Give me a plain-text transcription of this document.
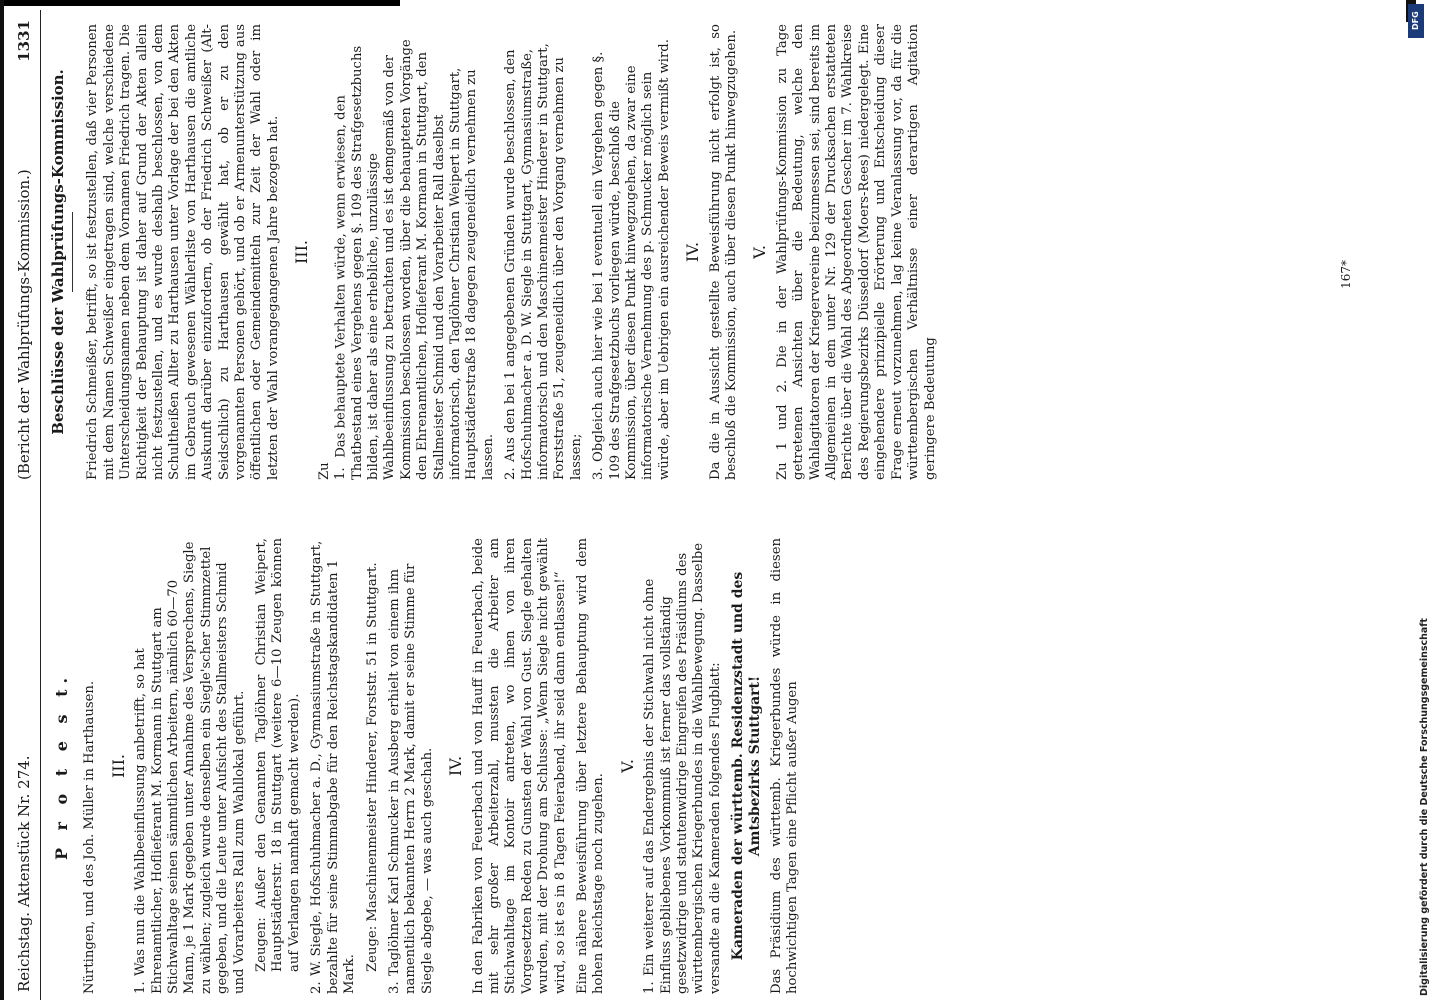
Reichstag. Aktenstück Nr. 274.
(Bericht der Wahlprüfungs-Kommission.)
1331
P r o t e s t. Nürtingen, und des Joh. Müller in Harthausen. III.
1.Was nun die Wahlbeeinflussung anbetrifft, so hat Ehrenamtlicher, Hoflieferant M. Kormann in Stuttgart am Stichwahltage seinen sämmtlichen Arbeitern, nämlich 60—70 Mann, je 1 Mark gegeben unter Annahme des Versprechens, Siegle zu wählen; zugleich wurde denselben ein Siegle'scher Stimmzettel gegeben, und die Leute unter Aufsicht des Stallmeisters Schmid und Vorarbeiters Rall zum Wahllokal geführt. Zeugen: Außer den Genannten Taglöhner Christian Weipert, Hauptstädterstr. 18 in Stuttgart (weitere 6—10 Zeugen können auf Verlangen namhaft gemacht werden).

2.W. Siegle, Hofschuhmacher a. D., Gymnasiumstraße in Stuttgart, bezahlte für seine Stimmabgabe für den Reichstagskandidaten 1 Mark.

Zeuge: Maschinenmeister Hinderer, Forststr. 51 in Stuttgart.

3.Taglöhner Karl Schmucker in Ausberg erhielt von einem ihm namentlich bekannten Herrn 2 Mark, damit er seine Stimme für Siegle abgebe, — was auch geschah. IV. In den Fabriken von Feuerbach und von Hauff in Feuerbach, beide mit sehr großer Arbeiterzahl, mussten die Arbeiter am Stichwahltage im Kontoir antreten, wo ihnen von ihren Vorgesetzten Reden zu Gunsten der Wahl von Gust. Siegle gehalten wurden, mit der Drohung am Schlusse: „Wenn Siegle nicht gewählt wird, so ist es in 8 Tagen Feierabend, ihr seid dann entlassen!“ Eine nähere Beweisführung über letztere Behauptung wird dem hohen Reichstage noch zugehen.

V.
1.Ein weiterer auf das Endergebnis der Stichwahl nicht ohne Einfluss gebliebenes Vorkommniß ist ferner das vollständig gesetzwidrige und statutenwidrige Eingreifen des Präsidiums des württembergischen Kriegerbundes in die Wahlbewegung. Dasselbe versandte an die Kameraden folgendes Flugblatt: Kameraden der württemb. Residenzstadt und des Amtsbezirks Stuttgart! Das Präsidium des württemb. Kriegerbundes würde in diesen hochwichtigen Tagen eine Pflicht außer Augen

Beschlüsse der Wahlprüfungs-Kommission. Friedrich Schmeißer, betrifft, so ist festzustellen, daß vier Personen mit dem Namen Schweißer eingetragen sind, welche verschiedene Unterscheidungsnamen neben dem Vornamen Friedrich tragen. Die Richtigkeit der Behauptung ist daher auf Grund der Akten allein nicht festzustellen, und es wurde deshalb beschlossen, von dem Schultheißen Allter zu Harthausen unter Vorlage der bei den Akten im Gebrauch gewesenen Wählerliste von Harthausen die amtliche Auskunft darüber einzufordern, ob der Friedrich Schweißer (Alt-Seidschlich) zu Harthausen gewählt hat, ob er zu den vorgenannten Personen gehört, und ob er Armenunterstützung aus öffentlichen oder Gemeindemitteln zur Zeit der Wahl oder im letzten der Wahl vorangegangenen Jahre bezogen hat. III.
Zu 1. Das behauptete Verhalten würde, wenn erwiesen, den Thatbestand eines Vergehens gegen §. 109 des Strafgesetzbuchs bilden, ist daher als eine erhebliche, unzulässige Wahlbeeinflussung zu betrachten und es ist demgemäß von der Kommission beschlossen worden, über die behaupteten Vorgänge den Ehrenamtlichen, Hoflieferant M. Kormann in Stuttgart, den Stallmeister Schmid und den Vorarbeiter Rall daselbst informatorisch, den Taglöhner Christian Weipert in Stuttgart, Hauptstädterstraße 18 dagegen zeugeneidlich vernehmen zu lassen. 2.Aus den bei 1 angegebenen Gründen wurde beschlossen, den Hofschuhmacher a. D. W. Siegle in Stuttgart, Gymnasiumstraße, informatorisch und den Maschinenmeister Hinderer in Stuttgart, Forststraße 51, zeugeneidlich über den Vorgang vernehmen zu lassen; 3.Obgleich auch hier wie bei 1 eventuell ein Vergehen gegen §. 109 des Strafgesetzbuchs vorliegen würde, beschloß die Kommission, über diesen Punkt hinwegzugehen, da zwar eine informatorische Vernehmung des p. Schmucker möglich sein würde, aber im Uebrigen ein ausreichender Beweis vermißt wird. IV. Da die in Aussicht gestellte Beweisführung nicht erfolgt ist, so beschloß die Kommission, auch über diesen Punkt hinwegzugehen. V. Zu 1 und 2. Die in der Wahlprüfungs-Kommission zu Tage getretenen Ansichten über die Bedeutung, welche den Wahlagitatoren der Kriegervereine beizumessen sei, sind bereits im Allgemeinen in dem unter Nr. 129 der Drucksachen erstatteten Berichte über die Wahl des Abgeordneten Gescher im 7. Wahlkreise des Regierungsbezirks Düsseldorf (Moers-Rees) niedergelegt. Eine eingehendere prinzipielle Erörterung und Entscheidung dieser Frage erneut vorzunehmen, lag keine Veranlassung vor, da für die württembergischen Verhältnisse einer derartigen Agitation geringere Bedeutung

167*
Digitalisierung gefördert durch die Deutsche Forschungsgemeinschaft
DFG
